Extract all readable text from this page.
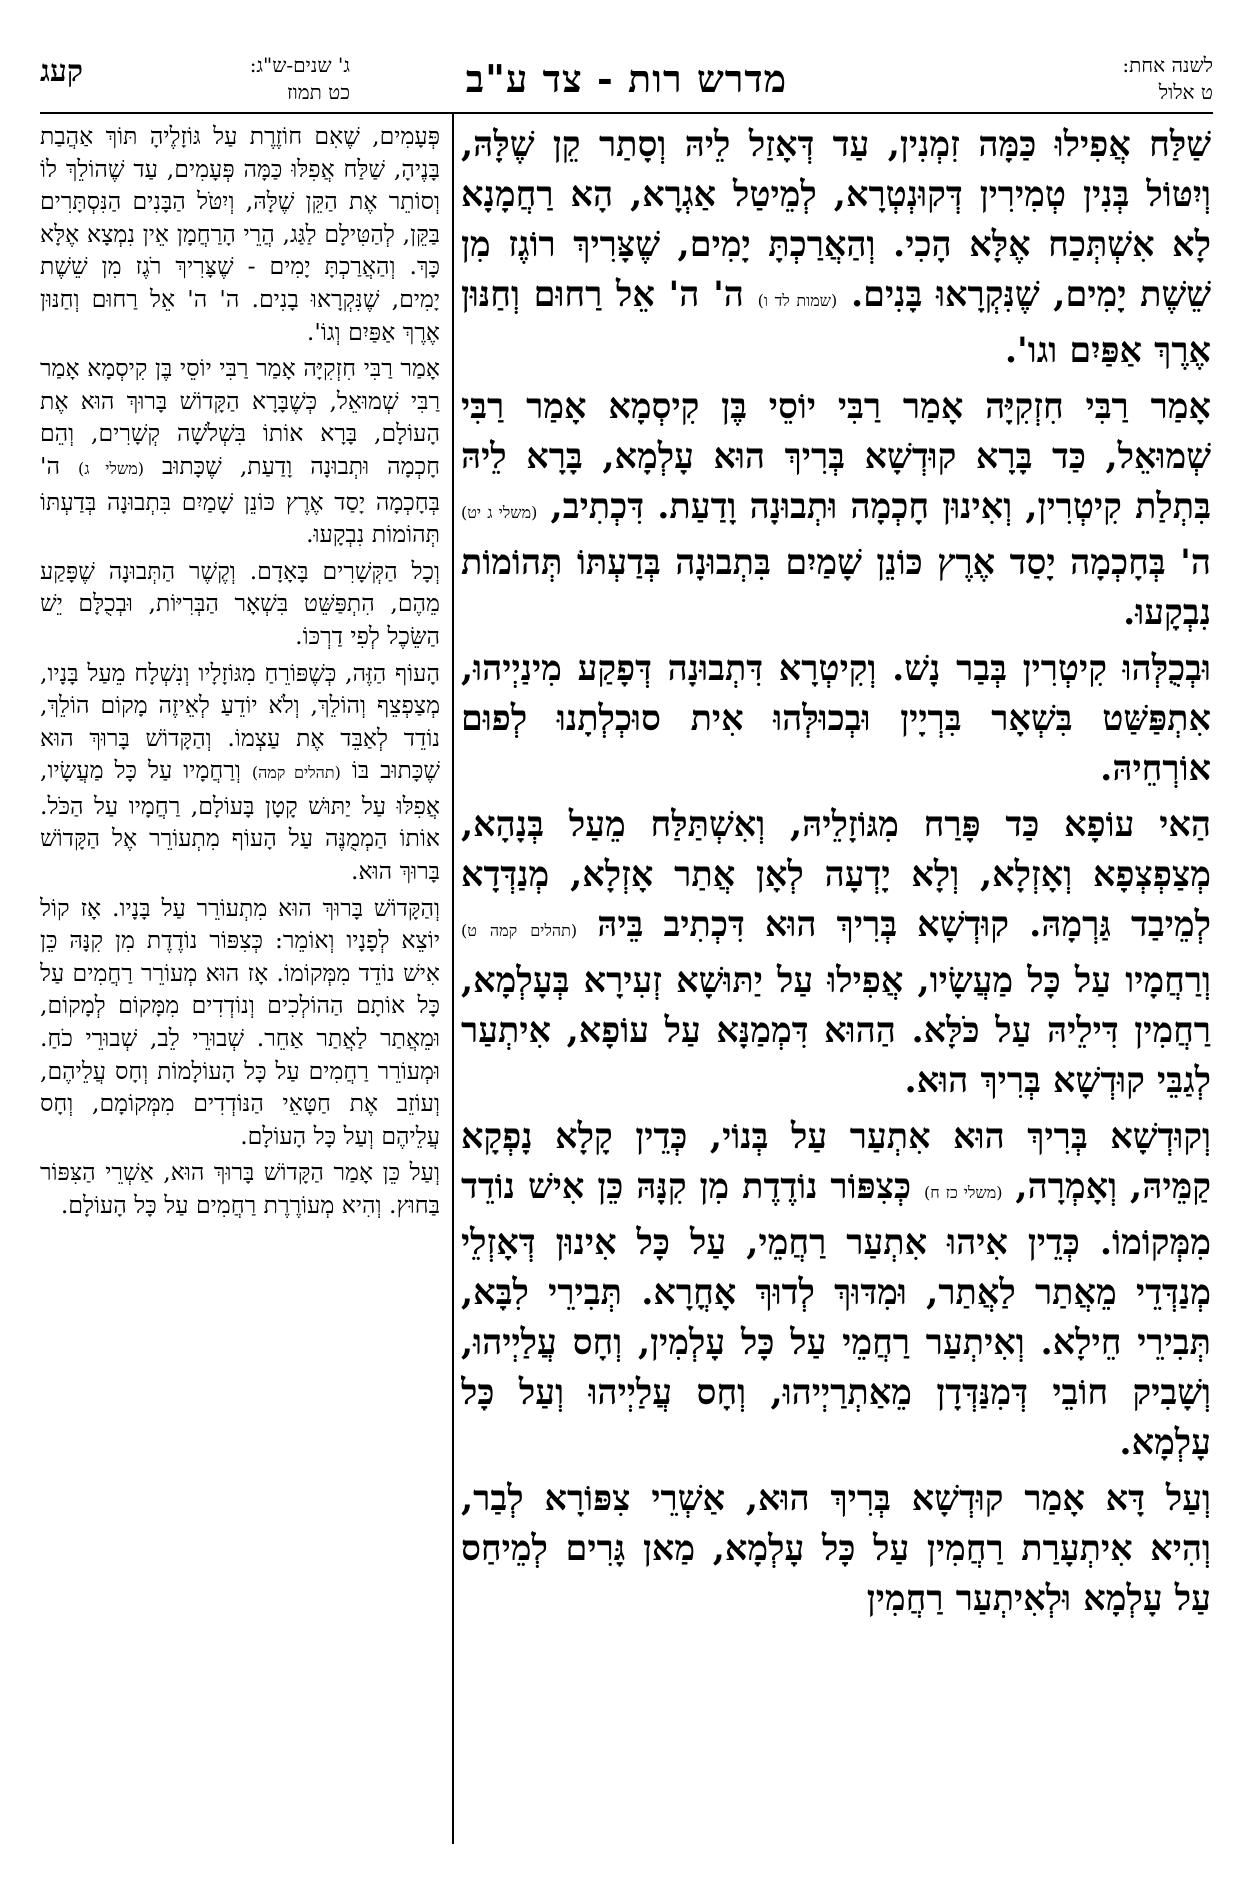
לשנה אחת:
ט אלול
מדרש רות - צד ע"ב
ג' שנים-ש"ג:
כט תמוז
קעג

שַׁלַּח אֲפִילוּ כַּמָּה זִמְנִין, עַד דְּאָזַל לֵיהּ וְסָתַר קֵן שֶׁלָּהּ, וְיִטּוֹל בְּנִין טְמִירִין דְּקוּנְטְרָא, לְמֵיטַל אַגְרָא, הָא רַחֲמָנָא לָא אִשְׁתְּכַח אֶלָּא הָכִי. וְהַאֲרַכְתָּ יָמִים, שֶׁצָּרִיךְ רוֹגֶז מִן שֵׁשֶׁת יָמִים, שֶׁנִּקְרָאוּ בָּנִים. (שמות לד ו) ה' ה' אֵל רַחוּם וְחַנּוּן אֶרֶךְ אַפַּיִם וגו'.

אָמַר רַבִּי חִזְקִיָּה אָמַר רַבִּי יוֹסֵי בֶּן קִיסְמָא אָמַר רַבִּי שְׁמוּאֵל, כַּד בָּרָא קוּדְשָׁא בְּרִיךְ הוּא עָלְמָא, בָּרָא לֵיהּ בִּתְלַת קִיטְרִין, וְאִינוּן חָכְמָה וּתְבוּנָה וָדַעַת. דִּכְתִיב, (משלי ג יט) ה' בְּחָכְמָה יָסַד אֶרֶץ כּוֹנֵן שָׁמַיִם בִּתְבוּנָה בְּדַעְתּוֹ תְּהוֹמוֹת נִבְקָעוּ.

וּבְכֻלְּהוּ קִיטְרִין בְּבַר נָשׁ. וְקִיטְרָא דִּתְבוּנָה דְּפָקַע מִינַיְיהוּ, אִתְפַּשַּׁט בִּשְׁאָר בִּרְיָין וּבְכוּלְּהוּ אִית סוּכְלְתָנוּ לְפוּם אוֹרְחֵיהּ.

הַאי עוֹפָא כַּד פָּרַח מִגּוֹזָלֵיהּ, וְאִשְׁתַּלַּח מֵעַל בְּנָהָא, מְצַפְצְפָא וְאָזְלָא, וְלָא יָדְעָה לְאָן אֲתַר אָזְלָא, מְנַדְּדָא לְמֵיבַד גַּרְמָהּ. קוּדְשָׁא בְּרִיךְ הוּא דִּכְתִיב בֵּיהּ (תהלים קמה ט) וְרַחֲמָיו עַל כָּל מַעֲשָׂיו, אֲפִילוּ עַל יַתּוּשָׁא זְעִירָא בְּעָלְמָא, רַחֲמִין דִּילֵיהּ עַל כֹּלָּא. הַהוּא דִּמְמַנָּא עַל עוֹפָא, אִיתְעַר לְגַבֵּי קוּדְשָׁא בְּרִיךְ הוּא.

וְקוּדְשָׁא בְּרִיךְ הוּא אִתְעַר עַל בְּנוֹי, כְּדֵין קָלָא נָפְקָא קַמֵּיהּ, וְאָמְרָה, (משלי כז ח) כְּצִפּוֹר נוֹדֶדֶת מִן קִנָּהּ כֵּן אִישׁ נוֹדֵד מִמְּקוֹמוֹ. כְּדֵין אִיהוּ אִתְעַר רַחֲמֵי, עַל כָּל אִינוּן דְּאָזְלֵי מְנַדְּדֵי מֵאֲתַר לַאֲתַר, וּמִדּוּךְ לְדוּךְ אָחֳרָא. תְּבִירֵי לִבָּא, תְּבִירֵי חֵילָא. וְאִיתְעַר רַחֲמֵי עַל כָּל עָלְמִין, וְחָס עֲלַיְיהוּ, וְשָׁבִיק חוֹבֵי דְּמִנַּדְּדָן מֵאַתְרַיְיהוּ, וְחָס עֲלַיְיהוּ וְעַל כָּל עָלְמָא.

וְעַל דָּא אָמַר קוּדְשָׁא בְּרִיךְ הוּא, אַשְׁרֵי צִפּוֹרָא לְבַר, וְהִיא אִיתְעָרַת רַחֲמִין עַל כָּל עָלְמָא, מַאן גָּרִים לְמֵיחַס עַל עָלְמָא וּלְאִיתְעַר רַחֲמִין

פְּעָמִים, שֶׁאִם חוֹזֶרֶת עַל גּוֹזָלֶיהָ תּוֹךְ אַהֲבַת בָּנֶיהָ, שַׁלַּח אֲפִלּוּ כַּמָּה פְּעָמִים, עַד שֶׁהוֹלֵךְ לוֹ וְסוֹתֵר אֶת הַקֵּן שֶׁלָּהּ, וְיִטֹּל הַבָּנִים הַנִּסְתָּרִים בַּקֵּן, לְהַטִּילָם לַגַּג, הֲרֵי הָרַחֲמָן אֵין נִמְצָא אֶלָּא כָּךְ. וְהַאֲרַכְתָּ יָמִים - שֶׁצָּרִיךְ רֹגֶז מִן שֵׁשֶׁת יָמִים, שֶׁנִּקְרָאוּ בָנִים. ה' ה' אֵל רַחוּם וְחַנּוּן אֶרֶךְ אַפַּיִם וְגוֹ'.

אָמַר רַבִּי חִזְקִיָּה אָמַר רַבִּי יוֹסֵי בֶּן קִיסְמָא אָמַר רַבִּי שְׁמוּאֵל, כְּשֶׁבָּרָא הַקָּדוֹשׁ בָּרוּךְ הוּא אֶת הָעוֹלָם, בָּרָא אוֹתוֹ בִּשְׁלֹשָׁה קְשָׁרִים, וְהֵם חָכְמָה וּתְבוּנָה וָדַעַת, שֶׁכָּתוּב (משלי ג) ה' בְּחָכְמָה יָסַד אֶרֶץ כּוֹנֵן שָׁמַיִם בִּתְבוּנָה בְּדַעְתּוֹ תְּהוֹמוֹת נִבְקָעוּ.

וְכָל הַקְּשָׁרִים בָּאָדָם. וְקֶשֶׁר הַתְּבוּנָה שֶׁפָּקַע מֵהֶם, הִתְפַּשֵּׁט בִּשְׁאָר הַבְּרִיּוֹת, וּבְכֻלָּם יֵשׁ הַשֵּׂכֶל לְפִי דַרְכּוֹ.

הָעוֹף הַזֶּה, כְּשֶׁפּוֹרֵחַ מִגּוֹזָלָיו וְנִשְׁלָח מֵעַל בָּנָיו, מְצַפְצֵף וְהוֹלֵךְ, וְלֹא יוֹדֵעַ לְאֵיזֶה מָקוֹם הוֹלֵךְ, נוֹדֵד לְאַבֵּד אֶת עַצְמוֹ. וְהַקָּדוֹשׁ בָּרוּךְ הוּא שֶׁכָּתוּב בּוֹ (תהלים קמה) וְרַחֲמָיו עַל כָּל מַעֲשָׂיו, אֲפִלּוּ עַל יַתּוּשׁ קָטָן בָּעוֹלָם, רַחֲמָיו עַל הַכֹּל. אוֹתוֹ הַמְמֻנֶּה עַל הָעוֹף מִתְעוֹרֵר אֶל הַקָּדוֹשׁ בָּרוּךְ הוּא.

וְהַקָּדוֹשׁ בָּרוּךְ הוּא מִתְעוֹרֵר עַל בָּנָיו. אָז קוֹל יוֹצֵא לְפָנָיו וְאוֹמֵר: כְּצִפּוֹר נוֹדֶדֶת מִן קִנָּהּ כֵּן אִישׁ נוֹדֵד מִמְּקוֹמוֹ. אָז הוּא מְעוֹרֵר רַחֲמִים עַל כָּל אוֹתָם הַהוֹלְכִים וְנוֹדְדִים מִמָּקוֹם לְמָקוֹם, וּמֵאֲתַר לַאֲתַר אַחֵר. שְׁבוּרֵי לֵב, שְׁבוּרֵי כֹחַ. וּמְעוֹרֵר רַחֲמִים עַל כָּל הָעוֹלָמוֹת וְחָס עֲלֵיהֶם, וְעוֹזֵב אֶת חַטָּאֵי הַנּוֹדְדִים מִמְּקוֹמָם, וְחָס עֲלֵיהֶם וְעַל כָּל הָעוֹלָם.

וְעַל כֵּן אָמַר הַקָּדוֹשׁ בָּרוּךְ הוּא, אַשְׁרֵי הַצִּפּוֹר בַּחוּץ. וְהִיא מְעוֹרֶרֶת רַחֲמִים עַל כָּל הָעוֹלָם.
